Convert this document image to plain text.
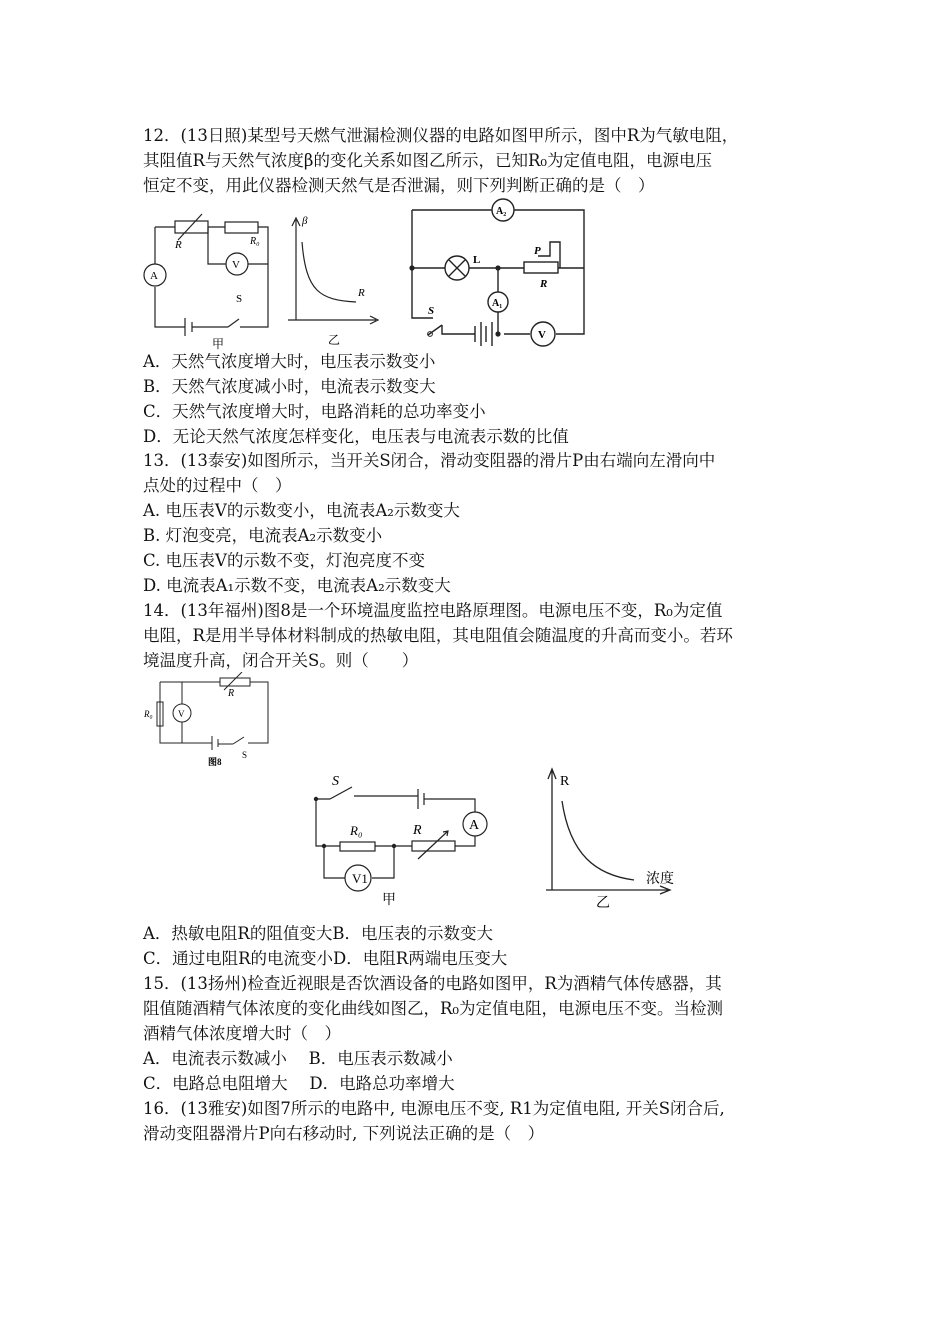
12．(13日照)某型号天燃气泄漏检测仪器的电路如图甲所示，图中R为气敏电阻，
其阻值R与天然气浓度β的变化关系如图乙所示，已知R₀为定值电阻，电源电压
恒定不变，用此仪器检测天然气是否泄漏，则下列判断正确的是（　）
R	R₀
A
V
S
甲
β
R
乙
A₂
L
P
R
A₁
S
V
A．天然气浓度增大时，电压表示数变小
B．天然气浓度减小时，电流表示数变大
C．天然气浓度增大时，电路消耗的总功率变小
D．无论天然气浓度怎样变化，电压表与电流表示数的比值
13．(13泰安)如图所示，当开关S闭合，滑动变阻器的滑片P由右端向左滑向中
点处的过程中（　）
A. 电压表V的示数变小，电流表A₂示数变大
B. 灯泡变亮，电流表A₂示数变小
C. 电压表V的示数不变，灯泡亮度不变
D. 电流表A₁示数不变，电流表A₂示数变大
14．(13年福州)图8是一个环境温度监控电路原理图。电源电压不变，R₀为定值
电阻，R是用半导体材料制成的热敏电阻，其电阻值会随温度的升高而变小。若环
境温度升高，闭合开关S。则（　　）
R₀	V
R
S
图8
S
R₀	R	A
V1
甲
R
浓度
乙
A．热敏电阻R的阻值变大B．电压表的示数变大
C．通过电阻R的电流变小D．电阻R两端电压变大
15．(13扬州)检查近视眼是否饮酒设备的电路如图甲，R为酒精气体传感器，其
阻值随酒精气体浓度的变化曲线如图乙，R₀为定值电阻，电源电压不变。当检测
酒精气体浓度增大时（　）
A．电流表示数减小　 B．电压表示数减小
C．电路总电阻增大　 D．电路总功率增大
16．(13雅安)如图7所示的电路中, 电源电压不变, R1为定值电阻, 开关S闭合后,
滑动变阻器滑片P向右移动时, 下列说法正确的是（　）
